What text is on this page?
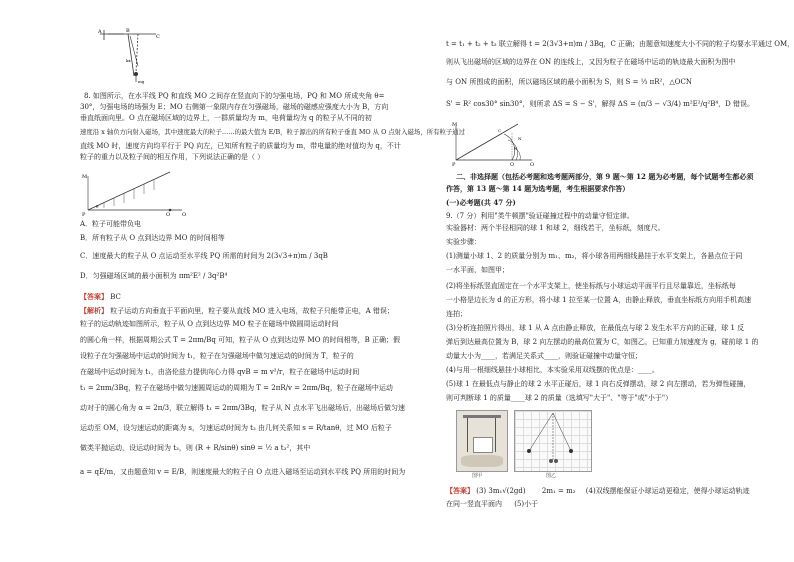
A	B
C
kx
mg
8. 如图所示，在水平线 PQ 和直线 MO 之间存在竖直向下的匀强电场，PQ 和 MO 所成夹角 θ=
30°，匀强电场的场强为 E；MO 右侧第一象限内存在匀强磁场，磁场的磁感应强度大小为 B，方向
垂直纸面向里。O 点在磁场区域的边界上，一群质量均为 m，电荷量均为 q 的粒子从不同的初
速度沿 x 轴负方向射入磁场，其中速度最大的粒子……的最大值为 E/B，粒子源出的所有粒子垂直 MO 从 O 点射入磁场，所有粒子通过
直线 MO 时，速度方向均平行于 PQ 向左，已知所有粒子的质量均为 m，带电量的绝对值均为 q，不计
粒子的重力以及粒子间的相互作用，下列说法正确的是（ ）
M
P	O Q
θ
A．粒子可能带负电
B．所有粒子从 O 点到达边界 MO 的时间相等
C．速度最大的粒子从 O 点运动至水平线 PQ 所需的时间为 2(3√3+π)m / 3qB
D．匀强磁场区域的最小面积为 πm²E² / 3q²B⁴
【答案】 BC
【解析】 粒子运动方向垂直于平面向里，粒子要从直线 MO 进入电场，故粒子只能带正电，A 错误；
粒子的运动轨迹如图所示，粒子从 O 点到达边界 MO 粒子在磁场中做圆周运动时间
的圆心角一样，根据周期公式 T = 2πm/Bq 可知，粒子从 O 点到达边界 MO 的时间相等，B 正确；假
设粒子在匀强磁场中运动的时间为 t₁，粒子在匀强磁场中做匀速运动的时间为 T，粒子的
在磁场中运动时间为 t₁，由洛伦兹力提供向心力得 qvB = m v²/r，粒子在磁场中运动时间
t₁ = 2πm/3Bq，粒子在磁场中做匀速圆周运动的周期为 T = 2πR/v = 2πm/Bq，粒子在磁场中运动
动对于的圆心角为 α = 2π/3，联立解得 t₁ = 2πm/3Bq，粒子从 N 点水平飞出磁场后，出磁场后做匀速
运动至 OM，设匀速运动的距离为 s，匀速运动时间为 t₂ 由几何关系知 s = R/tanθ，过 MO 后粒子
做类平抛运动，设运动时间为 t₃，则 (R + R/sinθ) sinθ = ½ a t₃²，其中
a = qE/m，又由题意知 v = E/B，则速度最大的粒子自 O 点进入磁场至运动到水平线 PQ 所用的时间为
t = t₁ + t₂ + t₃ 联立解得 t = 2(3√3+π)m / 3Bq，C 正确；由题意知速度大小不同的粒子均要水平通过 OM，
则从飞出磁场的区域的边界在 ON 的连线上，又因为粒子在磁场中运动的轨迹最大面积为图中
与 ON 所围成的面积，所以磁场区域的最小面积为 S，则 S = ⅓ πR²，△OCN
S' = R² cos30° sin30°，则所求 ΔS = S − S'，解得 ΔS = (π/3 − √3/4) m²E²/q²B⁴，D 错误。
M
P	O	Q
C
N
R
二、非选择题（包括必考题和选考题两部分，第 9 题～第 12 题为必考题，每个试题考生都必须
作答，第 13 题～第 14 题为选考题，考生根据要求作答）
(一)必考题(共 47 分)
9.（7 分）利用"类牛顿摆"验证碰撞过程中的动量守恒定律。
实验器材：两个半径相同的球 1 和球 2，细线若干，坐标纸，刻度尺。
实验步骤：
(1)测量小球 1、2 的质量分别为 m₁、m₂，将小球各用两细线悬挂于水平支架上，各悬点位于同
一水平面，如图甲；
(2)将坐标纸竖直固定在一个水平支架上，使坐标纸与小球运动平面平行且尽量靠近，坐标纸每
一小格是边长为 d 的正方形，将小球 1 拉至某一位置 A，由静止释放，垂直坐标纸方向用手机高速
连拍；
(3)分析连拍照片得出，球 1 从 A 点由静止释放，在最低点与球 2 发生水平方向的正碰，球 1 反
弹后到达最高位置为 B，球 2 向左摆动的最高位置为 C，如图乙，已知重力加速度为 g，碰前球 1 的
动量大小为____，若满足关系式____，则验证碰撞中动量守恒；
(4)与用一根细线悬挂小球相比，本实验采用双线摆的优点是：____。
(5)球 1 在最低点与静止的球 2 水平正碰后，球 1 向右反弹摆动，球 2 向左摆动，若为弹性碰撞，
则可判断球 1 的质量____球 2 的质量（选填写"大于"、"等于"或"小于"）
图甲	图乙
【答案】 (3) 3m₁√(2gd) 2m₁ = m₂ (4)双线摆能保证小球运动更稳定，使得小球运动轨迹
在同一竖直平面内 (5)小于
